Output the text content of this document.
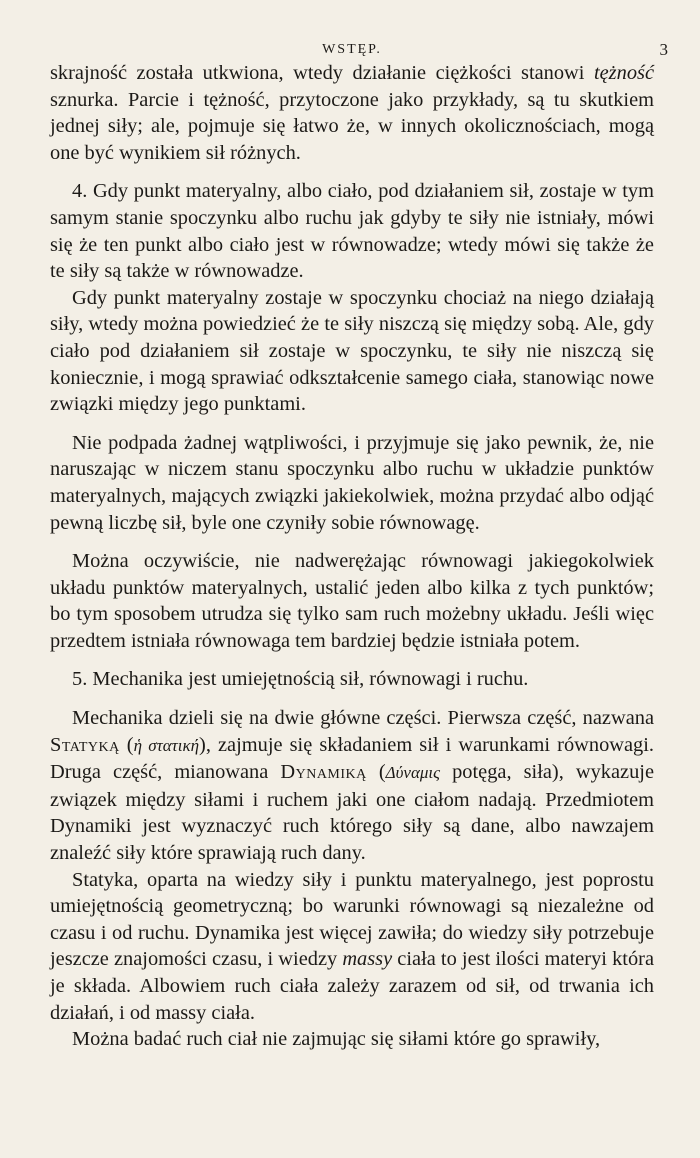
WSTĘP.	3

skrajność została utkwiona, wtedy działanie ciężkości stanowi tężność sznurka. Parcie i tężność, przytoczone jako przykłady, są tu skutkiem jednej siły; ale, pojmuje się łatwo że, w innych okolicznościach, mogą one być wynikiem sił różnych.

4. Gdy punkt materyalny, albo ciało, pod działaniem sił, zostaje w tym samym stanie spoczynku albo ruchu jak gdyby te siły nie istniały, mówi się że ten punkt albo ciało jest w równowadze; wtedy mówi się także że te siły są także w równowadze.

Gdy punkt materyalny zostaje w spoczynku chociaż na niego działają siły, wtedy można powiedzieć że te siły niszczą się między sobą. Ale, gdy ciało pod działaniem sił zostaje w spoczynku, te siły nie niszczą się koniecznie, i mogą sprawiać odkształcenie samego ciała, stanowiąc nowe związki między jego punktami.

Nie podpada żadnej wątpliwości, i przyjmuje się jako pewnik, że, nie naruszając w niczem stanu spoczynku albo ruchu w układzie punktów materyalnych, mających związki jakiekolwiek, można przydać albo odjąć pewną liczbę sił, byle one czyniły sobie równowagę.

Można oczywiście, nie nadwerężając równowagi jakiegokolwiek układu punktów materyalnych, ustalić jeden albo kilka z tych punktów; bo tym sposobem utrudza się tylko sam ruch możebny układu. Jeśli więc przedtem istniała równowaga tem bardziej będzie istniała potem.

5. Mechanika jest umiejętnością sił, równowagi i ruchu.

Mechanika dzieli się na dwie główne części. Pierwsza część, nazwana Statyką (ἡ στατική), zajmuje się składaniem sił i warunkami równowagi. Druga część, mianowana Dynamiką (Δύναμις potęga, siła), wykazuje związek między siłami i ruchem jaki one ciałom nadają. Przedmiotem Dynamiki jest wyznaczyć ruch którego siły są dane, albo nawzajem znaleźć siły które sprawiają ruch dany.

Statyka, oparta na wiedzy siły i punktu materyalnego, jest poprostu umiejętnością geometryczną; bo warunki równowagi są niezależne od czasu i od ruchu. Dynamika jest więcej zawiła; do wiedzy siły potrzebuje jeszcze znajomości czasu, i wiedzy massy ciała to jest ilości materyi która je składa. Albowiem ruch ciała zależy zarazem od sił, od trwania ich działań, i od massy ciała.

Można badać ruch ciał nie zajmując się siłami które go sprawiły,
